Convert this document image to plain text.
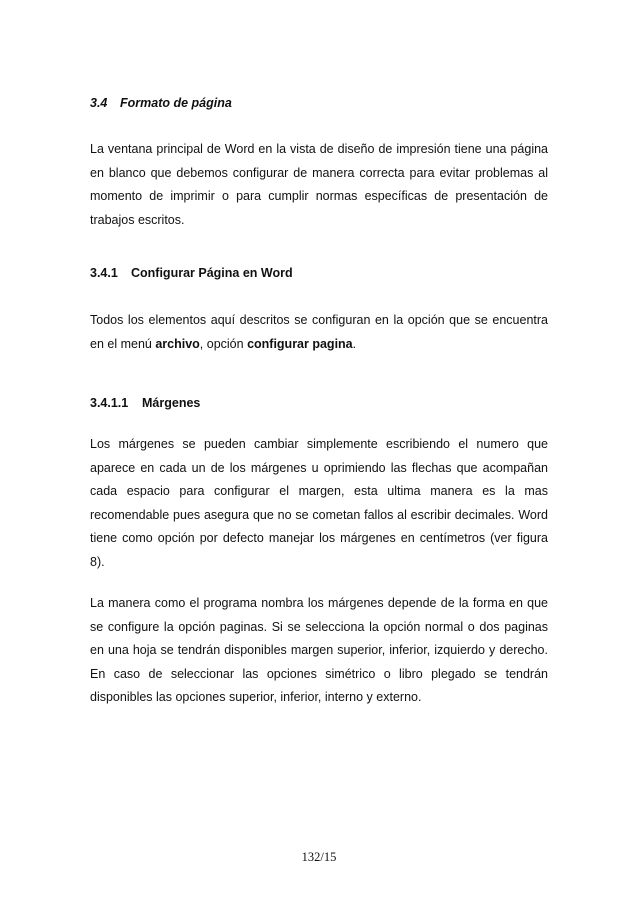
3.4 Formato de página
La ventana principal de Word en la vista de diseño de impresión tiene una página en blanco que debemos configurar de manera correcta para evitar problemas al momento de imprimir o para cumplir normas específicas de presentación de trabajos escritos.
3.4.1 Configurar Página en Word
Todos los elementos aquí descritos se configuran en la opción que se encuentra en el menú archivo, opción configurar pagina.
3.4.1.1 Márgenes
Los márgenes se pueden cambiar simplemente escribiendo el numero que aparece en cada un de los márgenes u oprimiendo las flechas que acompañan cada espacio para configurar el margen, esta ultima manera es la mas recomendable pues asegura que no se cometan fallos al escribir decimales. Word tiene como opción por defecto manejar los márgenes en centímetros (ver figura 8).
La manera como el programa nombra los márgenes depende de la forma en que se configure la opción paginas. Si se selecciona la opción normal o dos paginas en una hoja se tendrán disponibles margen superior, inferior, izquierdo y derecho. En caso de seleccionar las opciones simétrico o libro plegado se tendrán disponibles las opciones superior, inferior, interno y externo.
132/15
